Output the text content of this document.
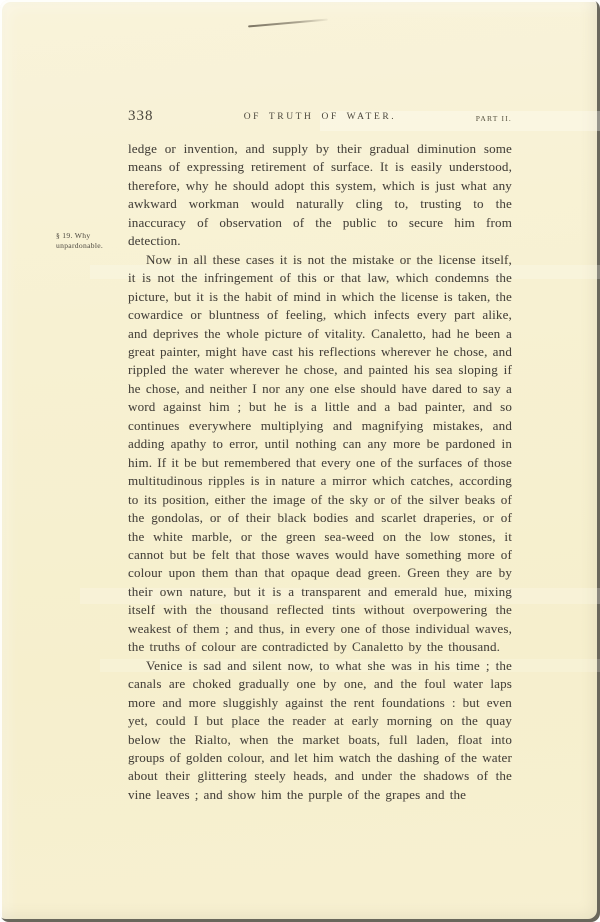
338	OF TRUTH OF WATER.	PART II.
§ 19. Why unpardonable.

ledge or invention, and supply by their gradual diminution some means of expressing retirement of surface. It is easily understood, therefore, why he should adopt this system, which is just what any awkward workman would naturally cling to, trusting to the inaccuracy of observation of the public to secure him from detection.

Now in all these cases it is not the mistake or the license itself, it is not the infringement of this or that law, which condemns the picture, but it is the habit of mind in which the license is taken, the cowardice or bluntness of feeling, which infects every part alike, and deprives the whole picture of vitality. Canaletto, had he been a great painter, might have cast his reflections wherever he chose, and rippled the water wherever he chose, and painted his sea sloping if he chose, and neither I nor any one else should have dared to say a word against him ; but he is a little and a bad painter, and so continues everywhere multiplying and magnifying mistakes, and adding apathy to error, until nothing can any more be pardoned in him. If it be but remembered that every one of the surfaces of those multitudinous ripples is in nature a mirror which catches, according to its position, either the image of the sky or of the silver beaks of the gondolas, or of their black bodies and scarlet draperies, or of the white marble, or the green sea-weed on the low stones, it cannot but be felt that those waves would have something more of colour upon them than that opaque dead green. Green they are by their own nature, but it is a transparent and emerald hue, mixing itself with the thousand reflected tints without overpowering the weakest of them ; and thus, in every one of those individual waves, the truths of colour are contradicted by Canaletto by the thousand.

Venice is sad and silent now, to what she was in his time ; the canals are choked gradually one by one, and the foul water laps more and more sluggishly against the rent foundations : but even yet, could I but place the reader at early morning on the quay below the Rialto, when the market boats, full laden, float into groups of golden colour, and let him watch the dashing of the water about their glittering steely heads, and under the shadows of the vine leaves ; and show him the purple of the grapes and the
